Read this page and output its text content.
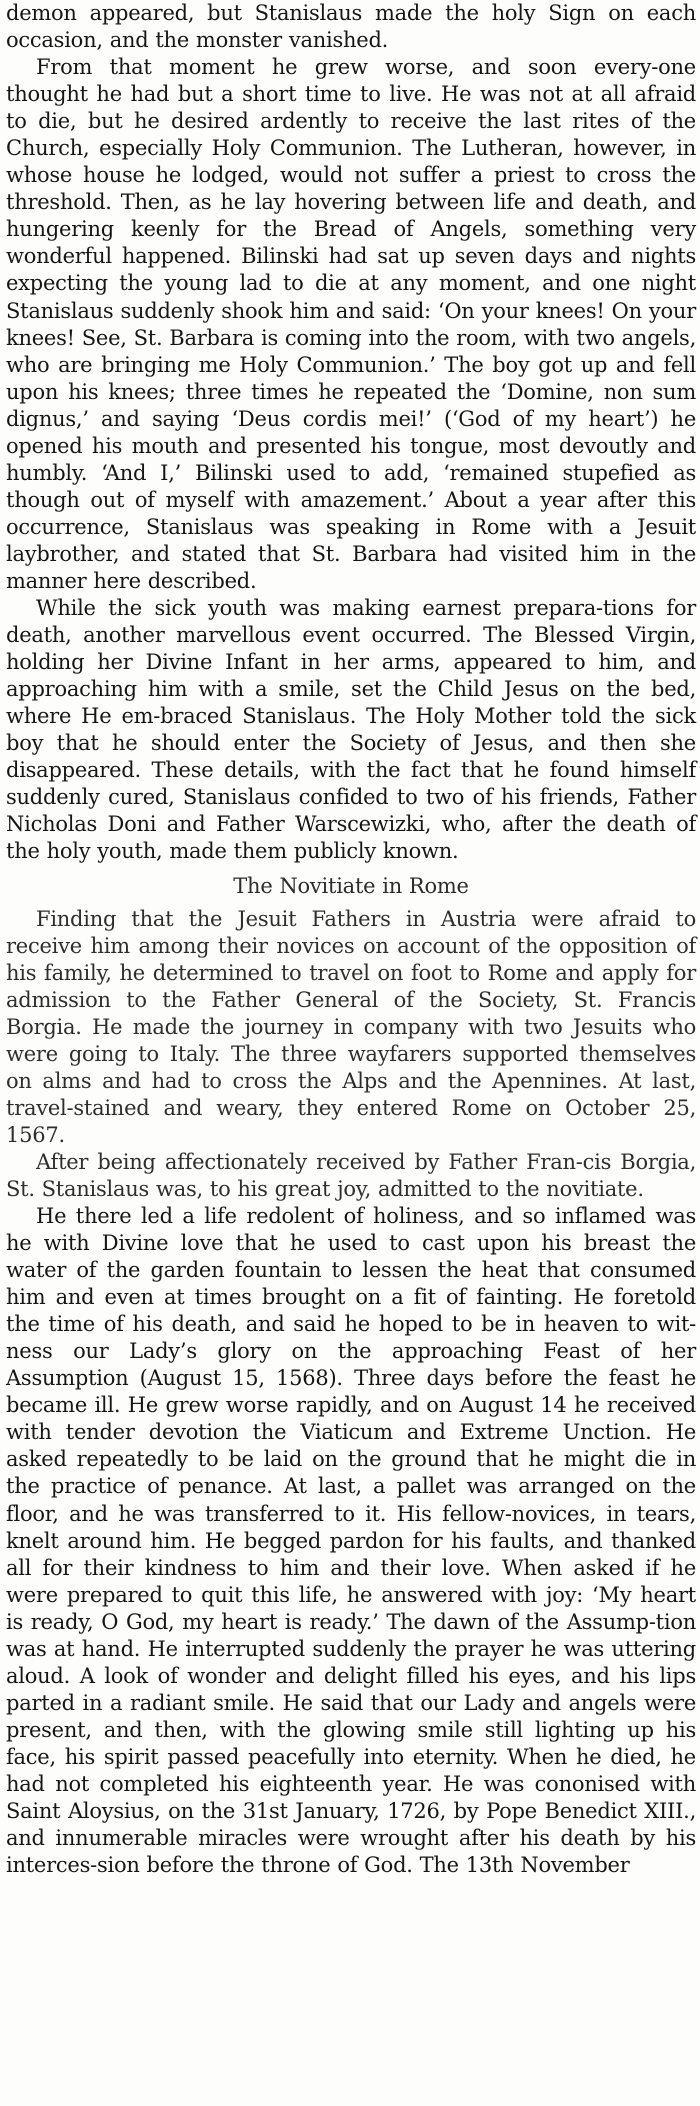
demon appeared, but Stanislaus made the holy Sign on each occasion, and the monster vanished.

From that moment he grew worse, and soon every-one thought he had but a short time to live. He was not at all afraid to die, but he desired ardently to receive the last rites of the Church, especially Holy Communion. The Lutheran, however, in whose house he lodged, would not suffer a priest to cross the threshold. Then, as he lay hovering between life and death, and hungering keenly for the Bread of Angels, something very wonderful happened. Bilinski had sat up seven days and nights expecting the young lad to die at any moment, and one night Stanislaus suddenly shook him and said: ‘On your knees! On your knees! See, St. Barbara is coming into the room, with two angels, who are bringing me Holy Communion.’ The boy got up and fell upon his knees; three times he repeated the ‘Domine, non sum dignus,’ and saying ‘Deus cordis mei!’ (‘God of my heart’) he opened his mouth and presented his tongue, most devoutly and humbly. ‘And I,’ Bilinski used to add, ‘remained stupefied as though out of myself with amazement.’ About a year after this occurrence, Stanislaus was speaking in Rome with a Jesuit laybrother, and stated that St. Barbara had visited him in the manner here described.

While the sick youth was making earnest prepara-tions for death, another marvellous event occurred. The Blessed Virgin, holding her Divine Infant in her arms, appeared to him, and approaching him with a smile, set the Child Jesus on the bed, where He em-braced Stanislaus. The Holy Mother told the sick boy that he should enter the Society of Jesus, and then she disappeared. These details, with the fact that he found himself suddenly cured, Stanislaus confided to two of his friends, Father Nicholas Doni and Father Warscewizki, who, after the death of the holy youth, made them publicly known.

The Novitiate in Rome

Finding that the Jesuit Fathers in Austria were afraid to receive him among their novices on account of the opposition of his family, he determined to travel on foot to Rome and apply for admission to the Father General of the Society, St. Francis Borgia. He made the journey in company with two Jesuits who were going to Italy. The three wayfarers supported themselves on alms and had to cross the Alps and the Apennines. At last, travel-stained and weary, they entered Rome on October 25, 1567.

After being affectionately received by Father Fran-cis Borgia, St. Stanislaus was, to his great joy, admitted to the novitiate.

He there led a life redolent of holiness, and so inflamed was he with Divine love that he used to cast upon his breast the water of the garden fountain to lessen the heat that consumed him and even at times brought on a fit of fainting. He foretold the time of his death, and said he hoped to be in heaven to wit-ness our Lady’s glory on the approaching Feast of her Assumption (August 15, 1568). Three days before the feast he became ill. He grew worse rapidly, and on August 14 he received with tender devotion the Viaticum and Extreme Unction. He asked repeatedly to be laid on the ground that he might die in the practice of penance. At last, a pallet was arranged on the floor, and he was transferred to it. His fellow-novices, in tears, knelt around him. He begged pardon for his faults, and thanked all for their kindness to him and their love. When asked if he were prepared to quit this life, he answered with joy: ‘My heart is ready, O God, my heart is ready.’ The dawn of the Assump-tion was at hand. He interrupted suddenly the prayer he was uttering aloud. A look of wonder and delight filled his eyes, and his lips parted in a radiant smile. He said that our Lady and angels were present, and then, with the glowing smile still lighting up his face, his spirit passed peacefully into eternity. When he died, he had not completed his eighteenth year. He was cononised with Saint Aloysius, on the 31st January, 1726, by Pope Benedict XIII., and innumerable miracles were wrought after his death by his interces-sion before the throne of God. The 13th November
